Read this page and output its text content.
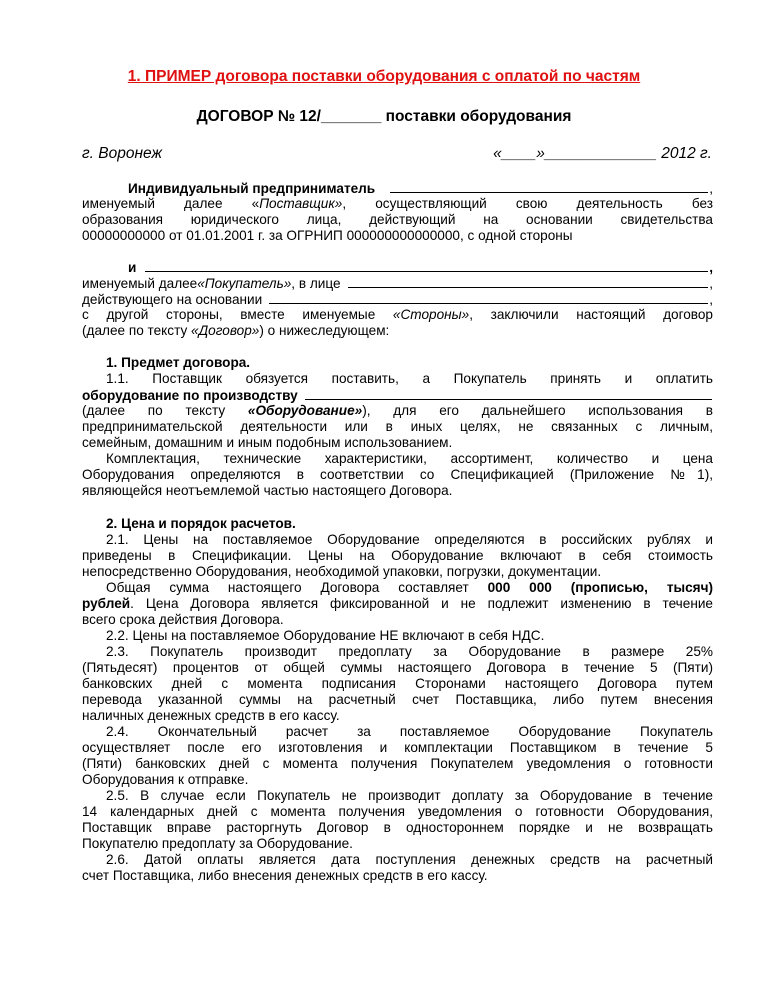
1. ПРИМЕР договора поставки оборудования с оплатой по частям
ДОГОВОР № 12/_______ поставки оборудования
г. Воронеж	«____»_____________ 2012 г.
Индивидуальный предприниматель	,
именуемый далее «Поставщик», осуществляющий свою деятельность без
образования юридического лица, действующий на основании свидетельства
00000000000 от 01.01.2001 г. за ОГРНИП 000000000000000, с одной стороны
и	,
именуемый далее «Покупатель» , в лице	,
действующего на основании	,
с другой стороны, вместе именуемые «Стороны», заключили настоящий договор
(далее по тексту «Договор») о нижеследующем:
1. Предмет договора.
1.1. Поставщик обязуется поставить, а Покупатель принять и оплатить
оборудование по производству
(далее по тексту «Оборудование»), для его дальнейшего использования в
предпринимательской деятельности или в иных целях, не связанных с личным,
семейным, домашним и иным подобным использованием.
Комплектация, технические характеристики, ассортимент, количество и цена
Оборудования определяются в соответствии со Спецификацией (Приложение №1),
являющейся неотъемлемой частью настоящего Договора.
2. Цена и порядок расчетов.
2.1. Цены на поставляемое Оборудование определяются в российских рублях и
приведены в Спецификации. Цены на Оборудование включают в себя стоимость
непосредственно Оборудования, необходимой упаковки, погрузки, документации.
Общая сумма настоящего Договора составляет 000 000 (прописью, тысяч)
рублей. Цена Договора является фиксированной и не подлежит изменению в течение
всего срока действия Договора.
2.2. Цены на поставляемое Оборудование НЕ включают в себя НДС.
2.3. Покупатель производит предоплату за Оборудование в размере 25%
(Пятьдесят) процентов от общей суммы настоящего Договора в течение 5 (Пяти)
банковских дней с момента подписания Сторонами настоящего Договора путем
перевода указанной суммы на расчетный счет Поставщика, либо путем внесения
наличных денежных средств в его кассу.
2.4. Окончательный расчет за поставляемое Оборудование Покупатель
осуществляет после его изготовления и комплектации Поставщиком в течение 5
(Пяти) банковских дней с момента получения Покупателем уведомления о готовности
Оборудования к отправке.
2.5. В случае если Покупатель не производит доплату за Оборудование в течение
14 календарных дней с момента получения уведомления о готовности Оборудования,
Поставщик вправе расторгнуть Договор в одностороннем порядке и не возвращать
Покупателю предоплату за Оборудование.
2.6. Датой оплаты является дата поступления денежных средств на расчетный
счет Поставщика, либо внесения денежных средств в его кассу.
